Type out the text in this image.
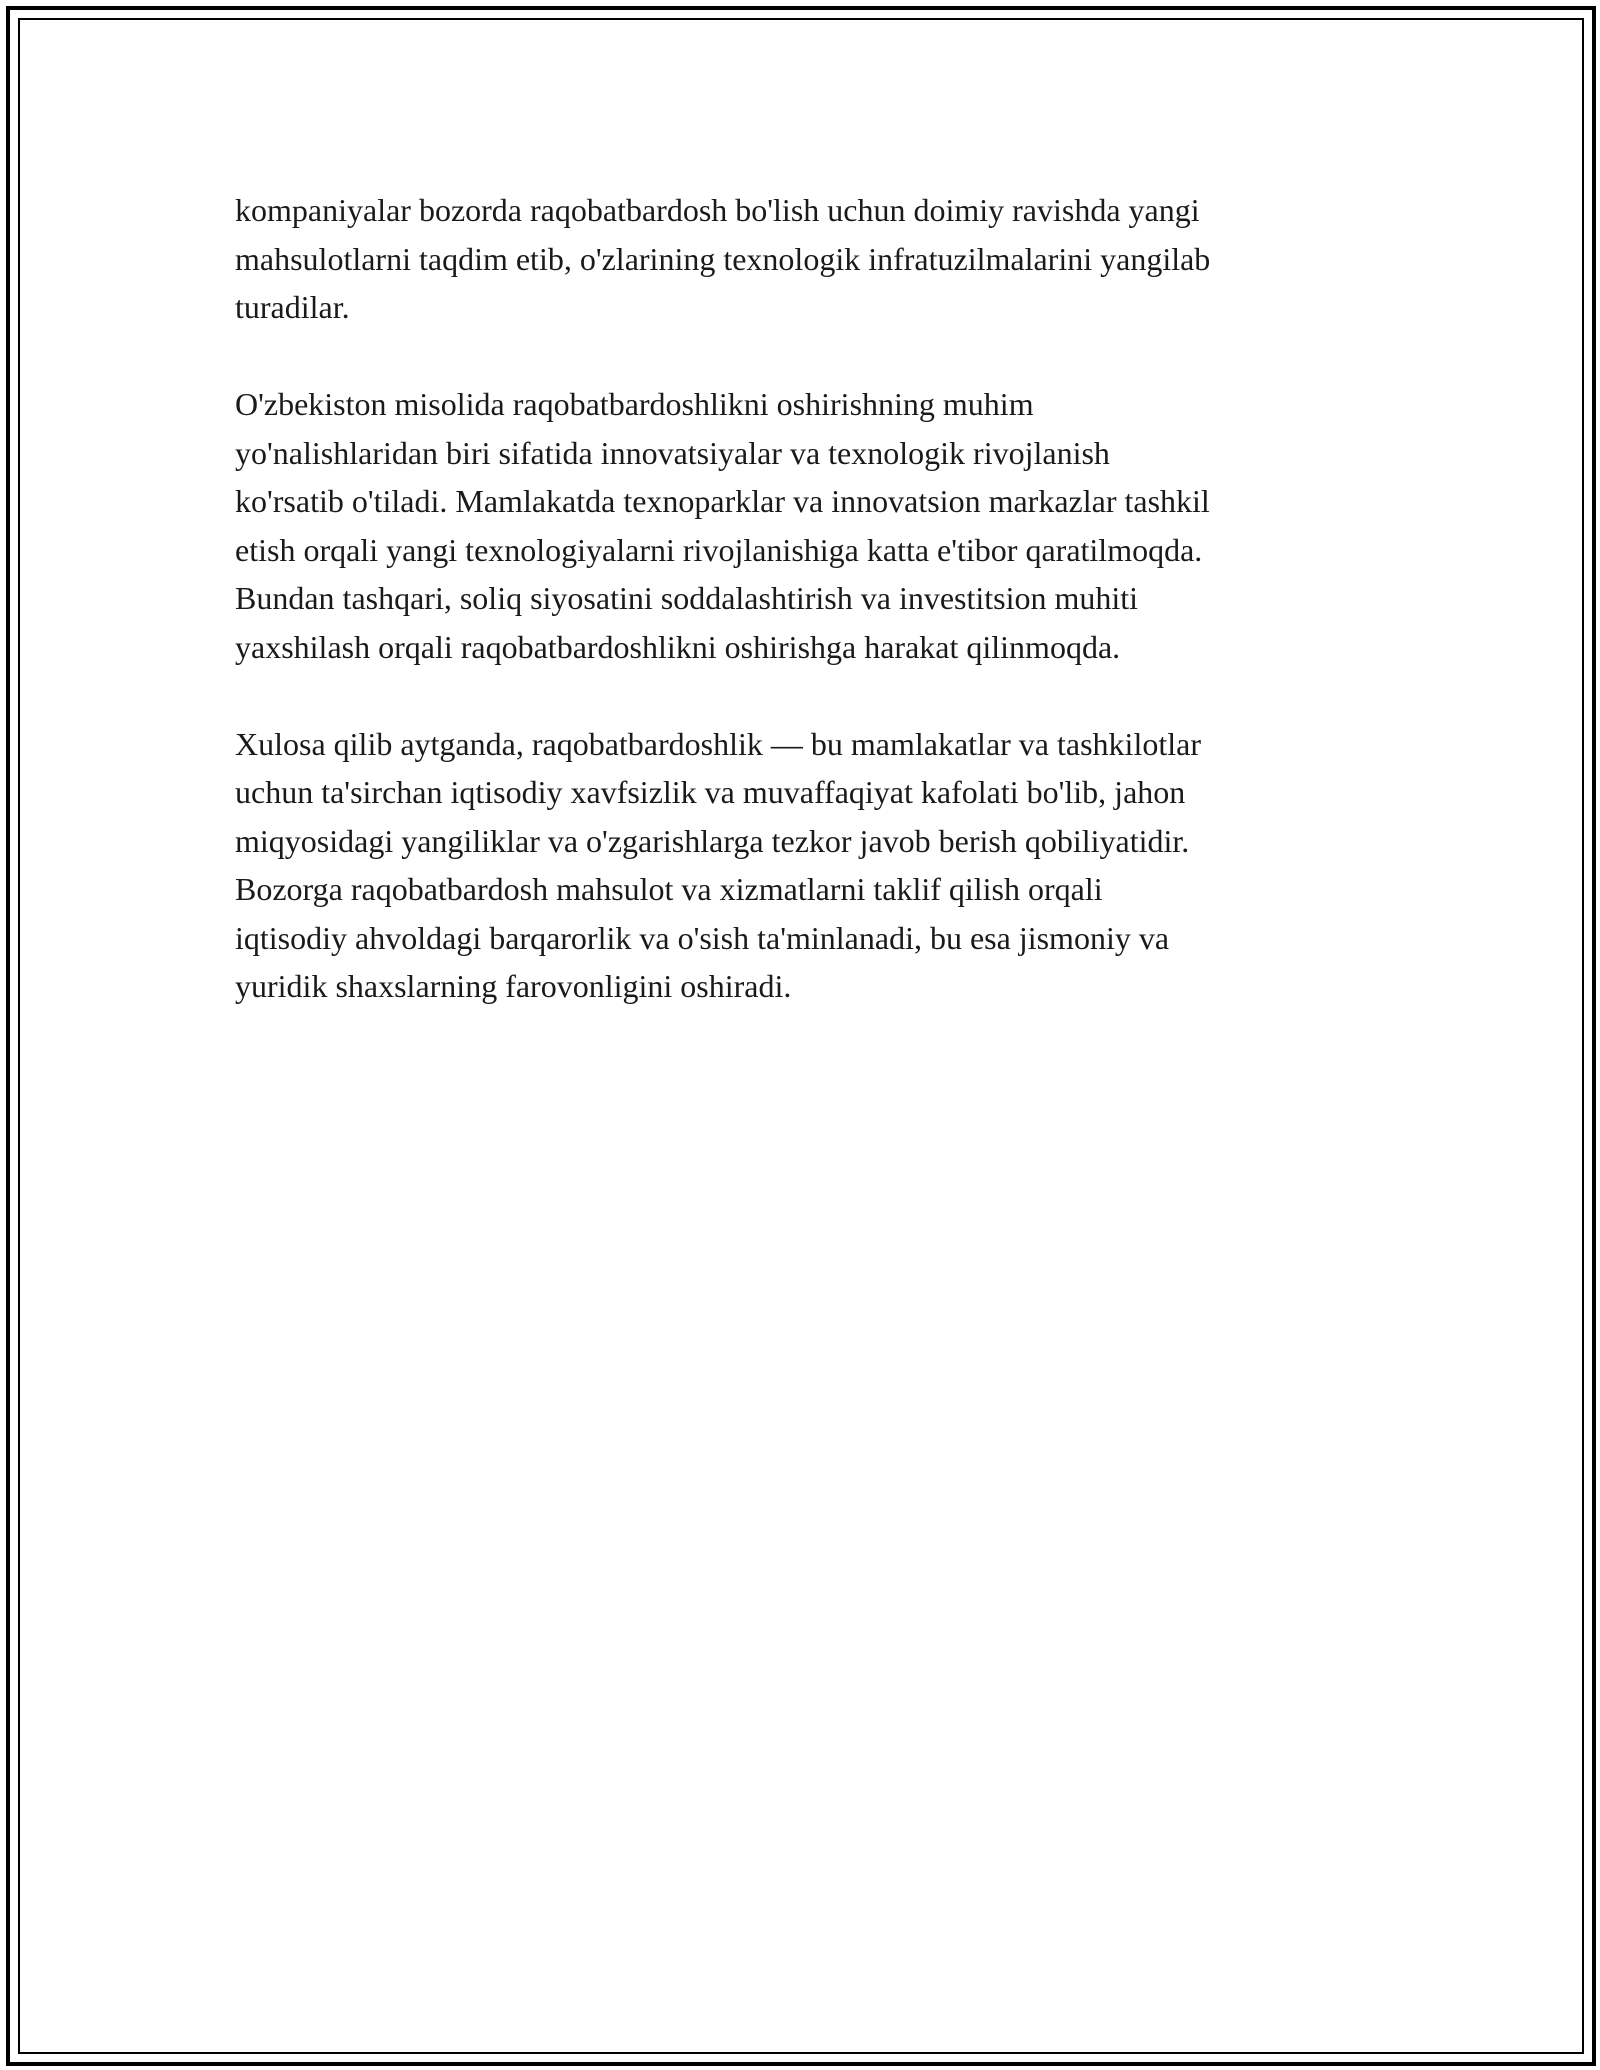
kompaniyalar bozorda raqobatbardosh bo'lish uchun doimiy ravishda yangi
mahsulotlarni taqdim etib, o'zlarining texnologik infratuzilmalarini yangilab
turadilar.

O'zbekiston misolida raqobatbardoshlikni oshirishning muhim
yo'nalishlaridan biri sifatida innovatsiyalar va texnologik rivojlanish
ko'rsatib o'tiladi. Mamlakatda texnoparklar va innovatsion markazlar tashkil
etish orqali yangi texnologiyalarni rivojlanishiga katta e'tibor qaratilmoqda.
Bundan tashqari, soliq siyosatini soddalashtirish va investitsion muhiti
yaxshilash orqali raqobatbardoshlikni oshirishga harakat qilinmoqda.

Xulosa qilib aytganda, raqobatbardoshlik — bu mamlakatlar va tashkilotlar
uchun ta'sirchan iqtisodiy xavfsizlik va muvaffaqiyat kafolati bo'lib, jahon
miqyosidagi yangiliklar va o'zgarishlarga tezkor javob berish qobiliyatidir.
Bozorga raqobatbardosh mahsulot va xizmatlarni taklif qilish orqali
iqtisodiy ahvoldagi barqarorlik va o'sish ta'minlanadi, bu esa jismoniy va
yuridik shaxslarning farovonligini oshiradi.
